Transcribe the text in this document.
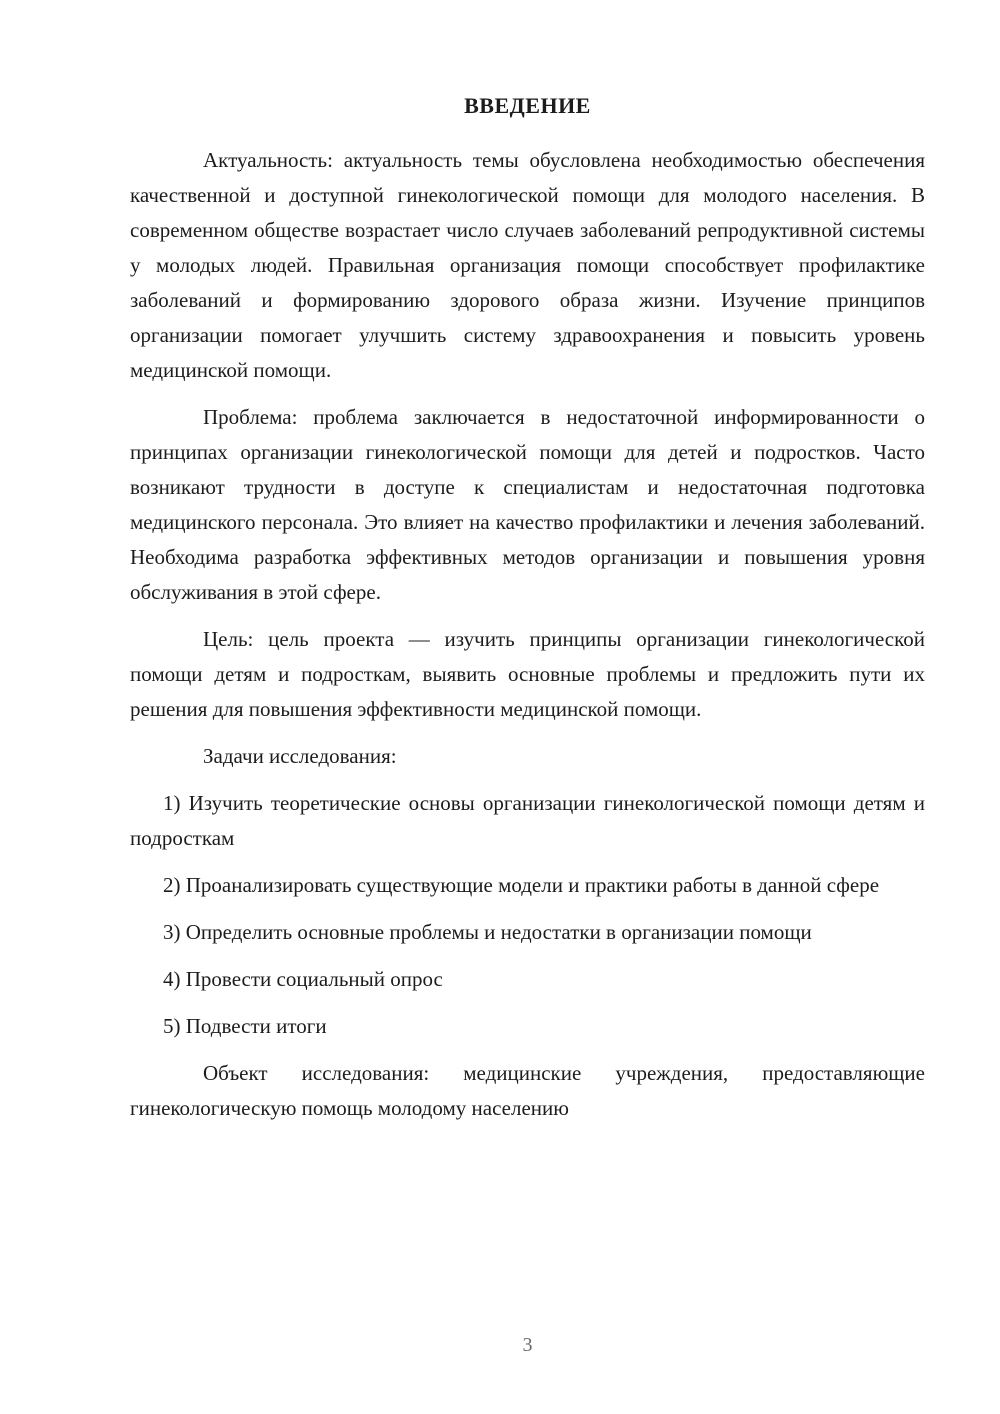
ВВЕДЕНИЕ

Актуальность: актуальность темы обусловлена необходимостью обеспечения качественной и доступной гинекологической помощи для молодого населения. В современном обществе возрастает число случаев заболеваний репродуктивной системы у молодых людей. Правильная организация помощи способствует профилактике заболеваний и формированию здорового образа жизни. Изучение принципов организации помогает улучшить систему здравоохранения и повысить уровень медицинской помощи.

Проблема: проблема заключается в недостаточной информированности о принципах организации гинекологической помощи для детей и подростков. Часто возникают трудности в доступе к специалистам и недостаточная подготовка медицинского персонала. Это влияет на качество профилактики и лечения заболеваний. Необходима разработка эффективных методов организации и повышения уровня обслуживания в этой сфере.

Цель: цель проекта — изучить принципы организации гинекологической помощи детям и подросткам, выявить основные проблемы и предложить пути их решения для повышения эффективности медицинской помощи.

Задачи исследования:

1) Изучить теоретические основы организации гинекологической помощи детям и подросткам

2) Проанализировать существующие модели и практики работы в данной сфере

3) Определить основные проблемы и недостатки в организации помощи

4) Провести социальный опрос

5) Подвести итоги

Объект исследования: медицинские учреждения, предоставляющие гинекологическую помощь молодому населению

3
